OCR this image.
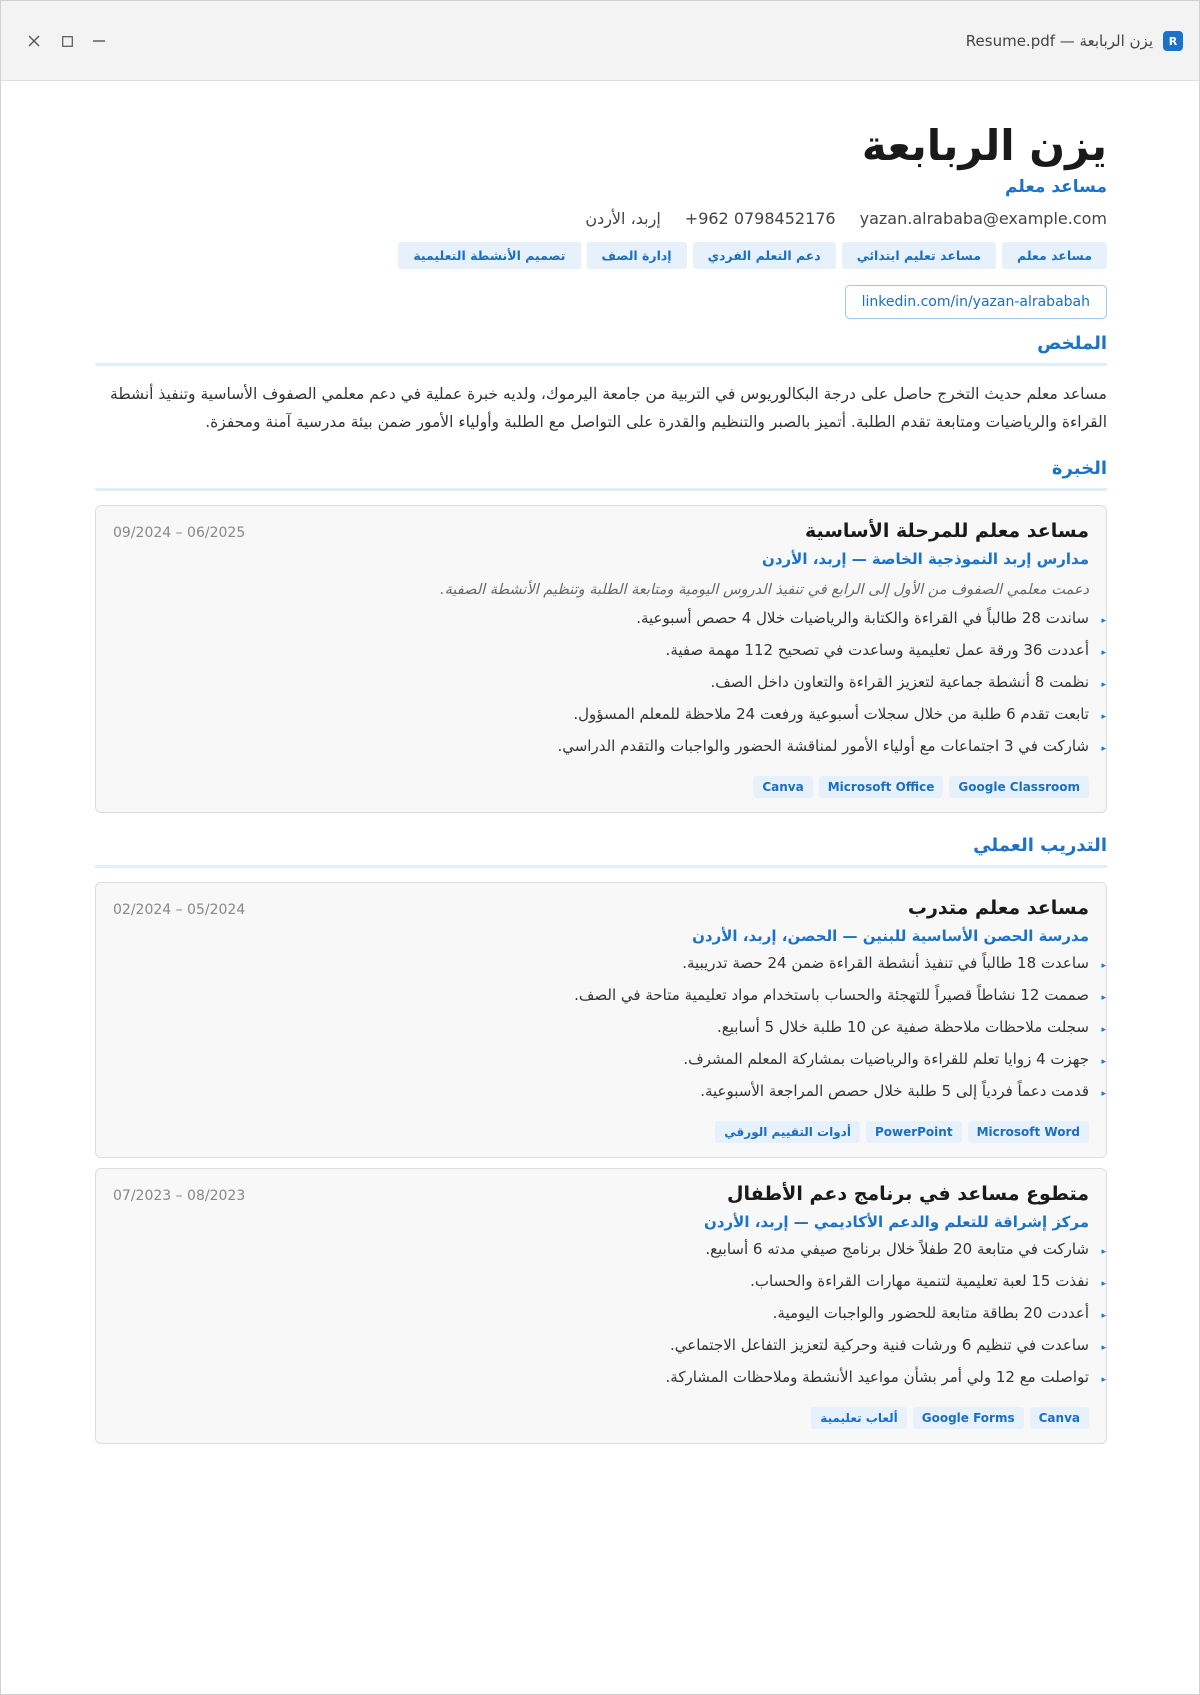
R
يزن الربابعة — Resume.pdf
يزن الربابعة
مساعد معلم
yazan.alrababa@example.com
+962 0798452176
إربد، الأردن
مساعد معلم
مساعد تعليم ابتدائي
دعم التعلم الفردي
إدارة الصف
تصميم الأنشطة التعليمية
linkedin.com/in/yazan-alrababah
الملخص
مساعد معلم حديث التخرج حاصل على درجة البكالوريوس في التربية من جامعة اليرموك، ولديه خبرة عملية في دعم معلمي الصفوف الأساسية وتنفيذ أنشطة القراءة والرياضيات ومتابعة تقدم الطلبة. أتميز بالصبر والتنظيم والقدرة على التواصل مع الطلبة وأولياء الأمور ضمن بيئة مدرسية آمنة ومحفزة.
الخبرة
09/2024 – 06/2025	مساعد معلم للمرحلة الأساسية
مدارس إربد النموذجية الخاصة — إربد، الأردن
دعمت معلمي الصفوف من الأول إلى الرابع في تنفيذ الدروس اليومية ومتابعة الطلبة وتنظيم الأنشطة الصفية.
▸ساندت 28 طالباً في القراءة والكتابة والرياضيات خلال 4 حصص أسبوعية.
▸أعددت 36 ورقة عمل تعليمية وساعدت في تصحيح 112 مهمة صفية.
▸نظمت 8 أنشطة جماعية لتعزيز القراءة والتعاون داخل الصف.
▸تابعت تقدم 6 طلبة من خلال سجلات أسبوعية ورفعت 24 ملاحظة للمعلم المسؤول.
▸شاركت في 3 اجتماعات مع أولياء الأمور لمناقشة الحضور والواجبات والتقدم الدراسي.
Google Classroom
Microsoft Office
Canva
التدريب العملي
02/2024 – 05/2024	مساعد معلم متدرب
مدرسة الحصن الأساسية للبنين — الحصن، إربد، الأردن
▸ساعدت 18 طالباً في تنفيذ أنشطة القراءة ضمن 24 حصة تدريبية.
▸صممت 12 نشاطاً قصيراً للتهجئة والحساب باستخدام مواد تعليمية متاحة في الصف.
▸سجلت ملاحظات ملاحظة صفية عن 10 طلبة خلال 5 أسابيع.
▸جهزت 4 زوايا تعلم للقراءة والرياضيات بمشاركة المعلم المشرف.
▸قدمت دعماً فردياً إلى 5 طلبة خلال حصص المراجعة الأسبوعية.
Microsoft Word
PowerPoint
أدوات التقييم الورقي
07/2023 – 08/2023	متطوع مساعد في برنامج دعم الأطفال
مركز إشراقة للتعلم والدعم الأكاديمي — إربد، الأردن
▸شاركت في متابعة 20 طفلاً خلال برنامج صيفي مدته 6 أسابيع.
▸نفذت 15 لعبة تعليمية لتنمية مهارات القراءة والحساب.
▸أعددت 20 بطاقة متابعة للحضور والواجبات اليومية.
▸ساعدت في تنظيم 6 ورشات فنية وحركية لتعزيز التفاعل الاجتماعي.
▸تواصلت مع 12 ولي أمر بشأن مواعيد الأنشطة وملاحظات المشاركة.
Canva
Google Forms
ألعاب تعليمية
